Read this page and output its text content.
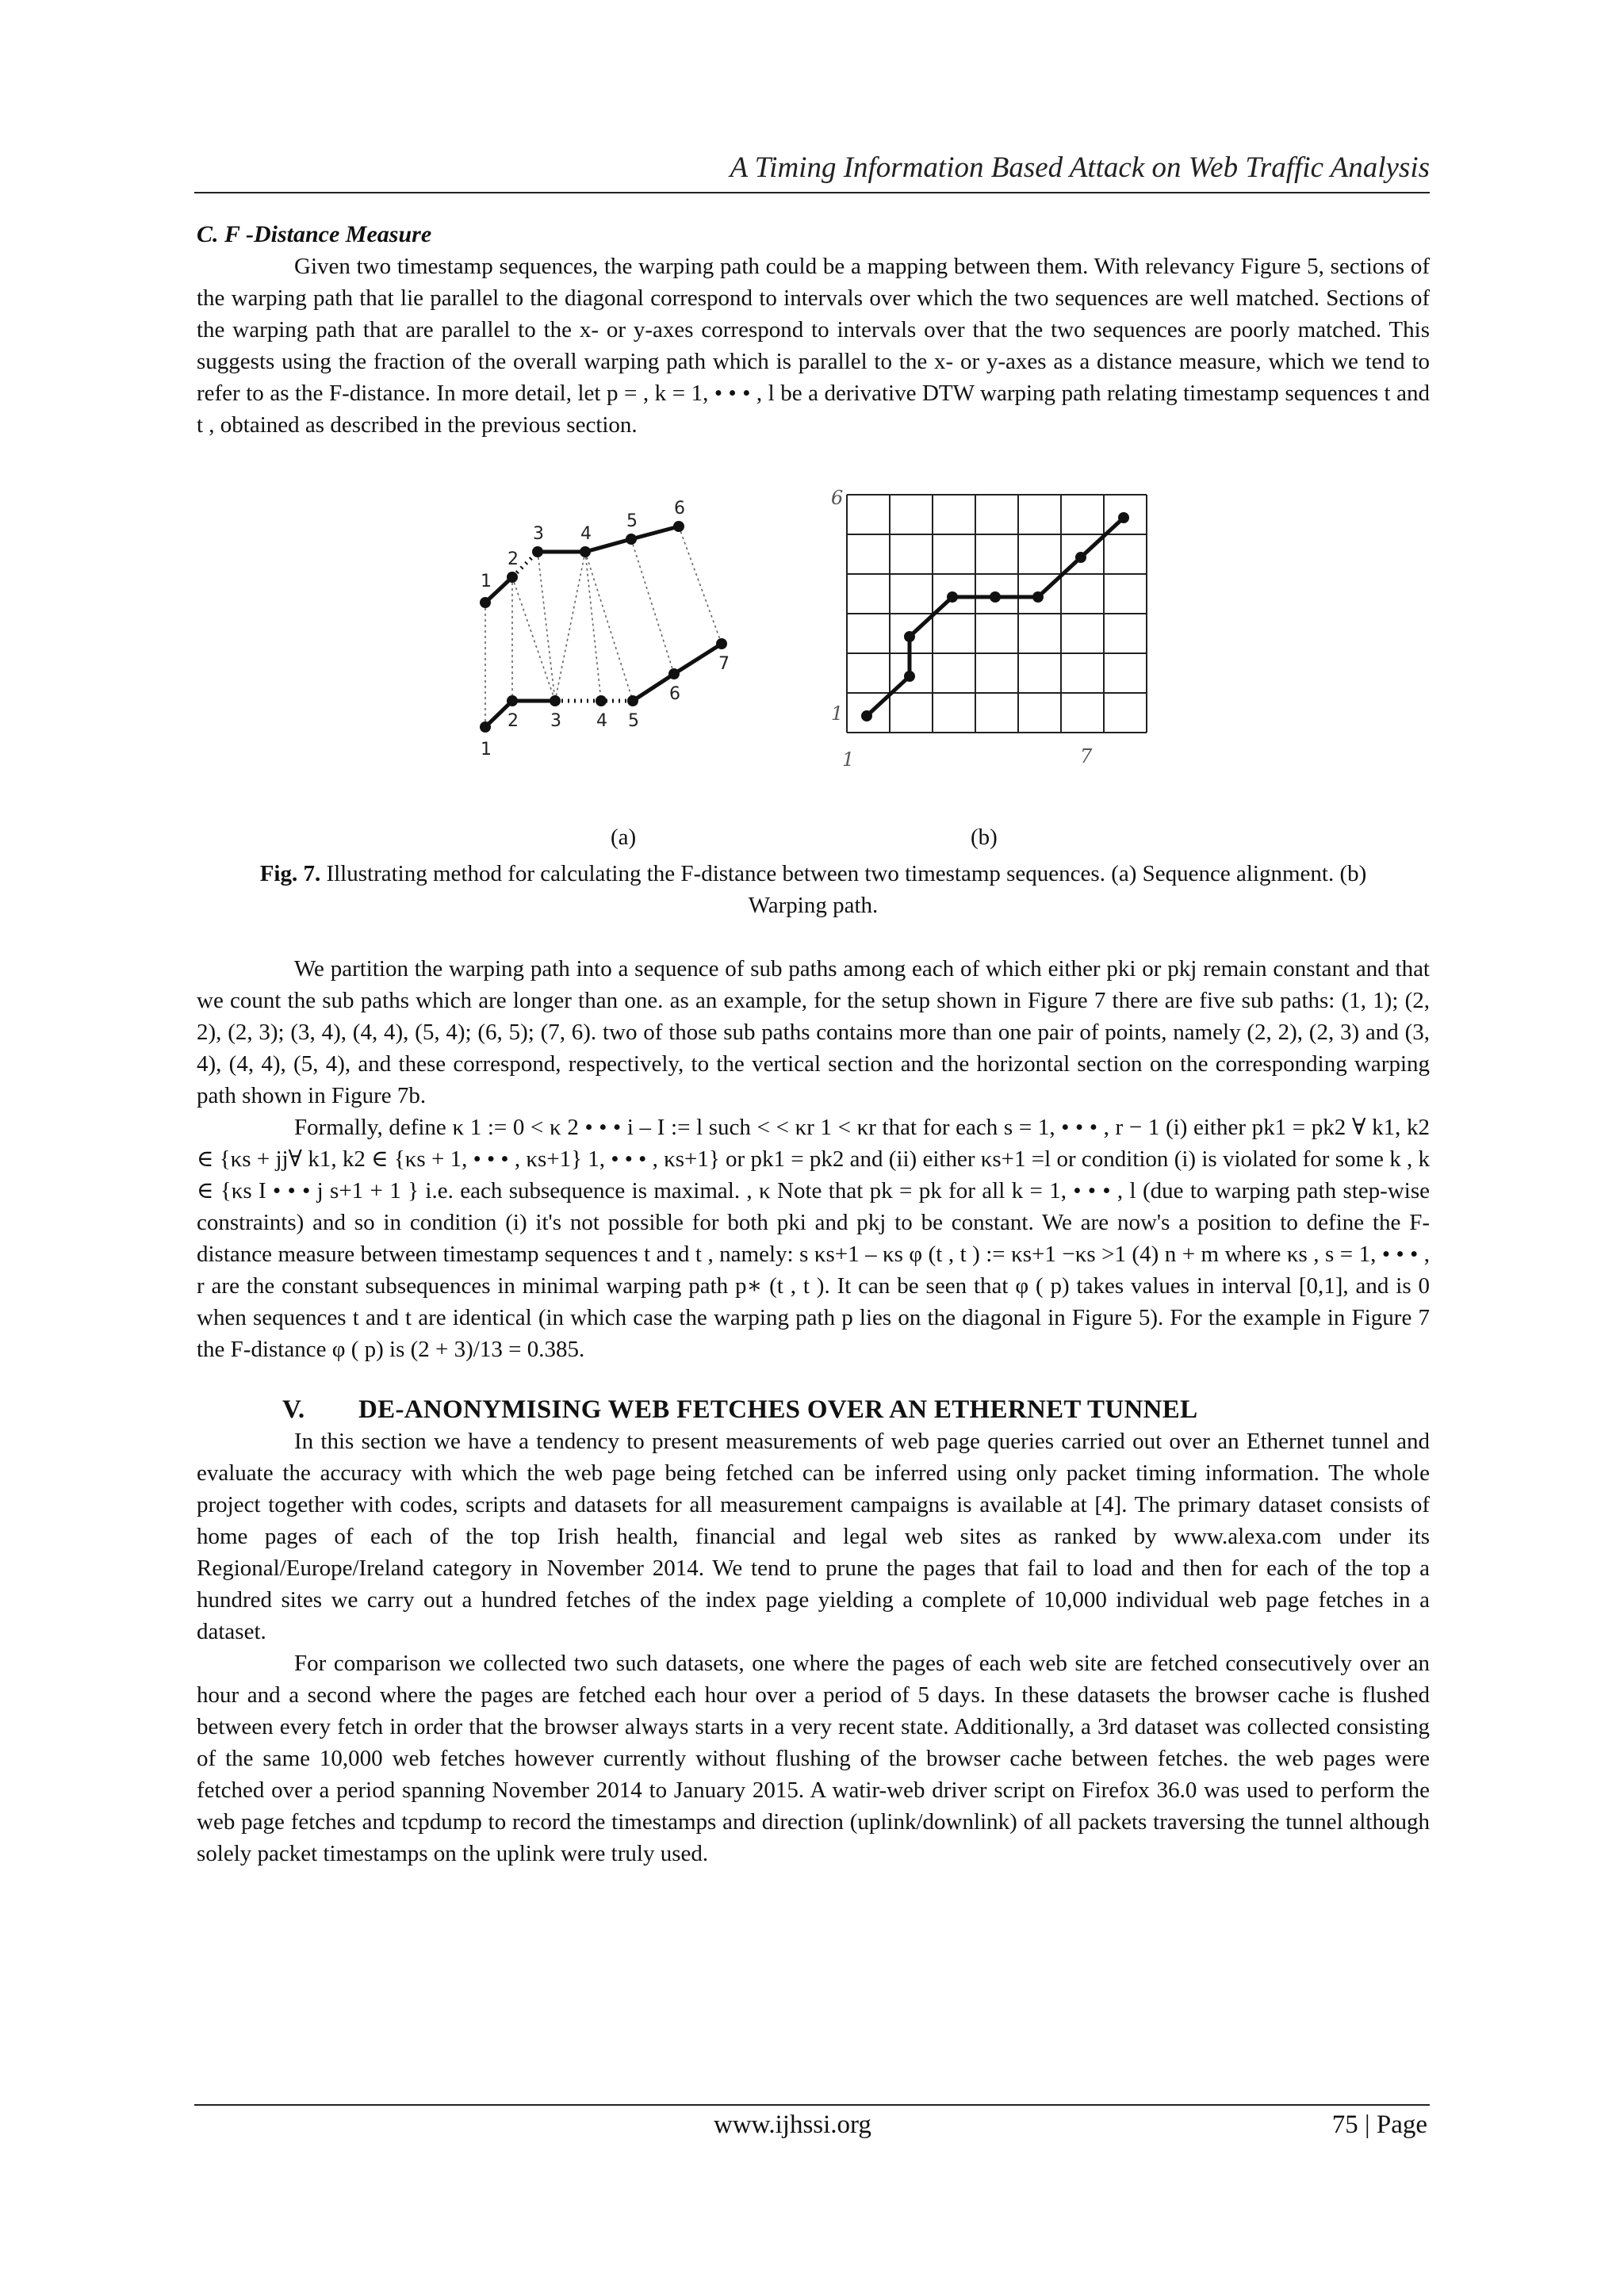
A Timing Information Based Attack on Web Traffic Analysis
C. F -Distance Measure

Given two timestamp sequences, the warping path could be a mapping between them. With relevancy Figure 5, sections of the warping path that lie parallel to the diagonal correspond to intervals over which the two sequences are well matched. Sections of the warping path that are parallel to the x- or y-axes correspond to intervals over that the two sequences are poorly matched. This suggests using the fraction of the overall warping path which is parallel to the x- or y-axes as a distance measure, which we tend to refer to as the F-distance. In more detail, let p = , k = 1, • • • , l be a derivative DTW warping path relating timestamp sequences t and t , obtained as described in the previous section.

1
2
3 4
5
6
1
2 3 4 5
6
7
6
1
1	7
(a)	(b)

Fig. 7. Illustrating method for calculating the F-distance between two timestamp sequences. (a) Sequence alignment. (b) Warping path.

We partition the warping path into a sequence of sub paths among each of which either pki or pkj remain constant and that we count the sub paths which are longer than one. as an example, for the setup shown in Figure 7 there are five sub paths: (1, 1); (2, 2), (2, 3); (3, 4), (4, 4), (5, 4); (6, 5); (7, 6). two of those sub paths contains more than one pair of points, namely (2, 2), (2, 3) and (3, 4), (4, 4), (5, 4), and these correspond, respectively, to the vertical section and the horizontal section on the corresponding warping path shown in Figure 7b.

Formally, define κ 1 := 0 < κ 2 • • • i – I := l such < < κr 1 < κr that for each s = 1, • • • , r − 1 (i) either pk1 = pk2 ∀ k1, k2 ∈ {κs + jj∀ k1, k2 ∈ {κs + 1, • • • , κs+1} 1, • • • , κs+1} or pk1 = pk2 and (ii) either κs+1 =l or condition (i) is violated for some k , k ∈ {κs I • • • j s+1 + 1 } i.e. each subsequence is maximal. , κ Note that pk = pk for all k = 1, • • • , l (due to warping path step-wise constraints) and so in condition (i) it's not possible for both pki and pkj to be constant. We are now's a position to define the F-distance measure between timestamp sequences t and t , namely: s κs+1 – κs φ (t , t ) := κs+1 −κs >1 (4) n + m where κs , s = 1, • • • , r are the constant subsequences in minimal warping path p∗ (t , t ). It can be seen that φ ( p) takes values in interval [0,1], and is 0 when sequences t and t are identical (in which case the warping path p lies on the diagonal in Figure 5). For the example in Figure 7 the F-distance φ ( p) is (2 + 3)/13 = 0.385.

V. DE-ANONYMISING WEB FETCHES OVER AN ETHERNET TUNNEL

In this section we have a tendency to present measurements of web page queries carried out over an Ethernet tunnel and evaluate the accuracy with which the web page being fetched can be inferred using only packet timing information. The whole project together with codes, scripts and datasets for all measurement campaigns is available at [4]. The primary dataset consists of home pages of each of the top Irish health, financial and legal web sites as ranked by www.alexa.com under its Regional/Europe/Ireland category in November 2014. We tend to prune the pages that fail to load and then for each of the top a hundred sites we carry out a hundred fetches of the index page yielding a complete of 10,000 individual web page fetches in a dataset.

For comparison we collected two such datasets, one where the pages of each web site are fetched consecutively over an hour and a second where the pages are fetched each hour over a period of 5 days. In these datasets the browser cache is flushed between every fetch in order that the browser always starts in a very recent state. Additionally, a 3rd dataset was collected consisting of the same 10,000 web fetches however currently without flushing of the browser cache between fetches. the web pages were fetched over a period spanning November 2014 to January 2015. A watir-web driver script on Firefox 36.0 was used to perform the web page fetches and tcpdump to record the timestamps and direction (uplink/downlink) of all packets traversing the tunnel although solely packet timestamps on the uplink were truly used.

www.ijhssi.org	75 | Page
